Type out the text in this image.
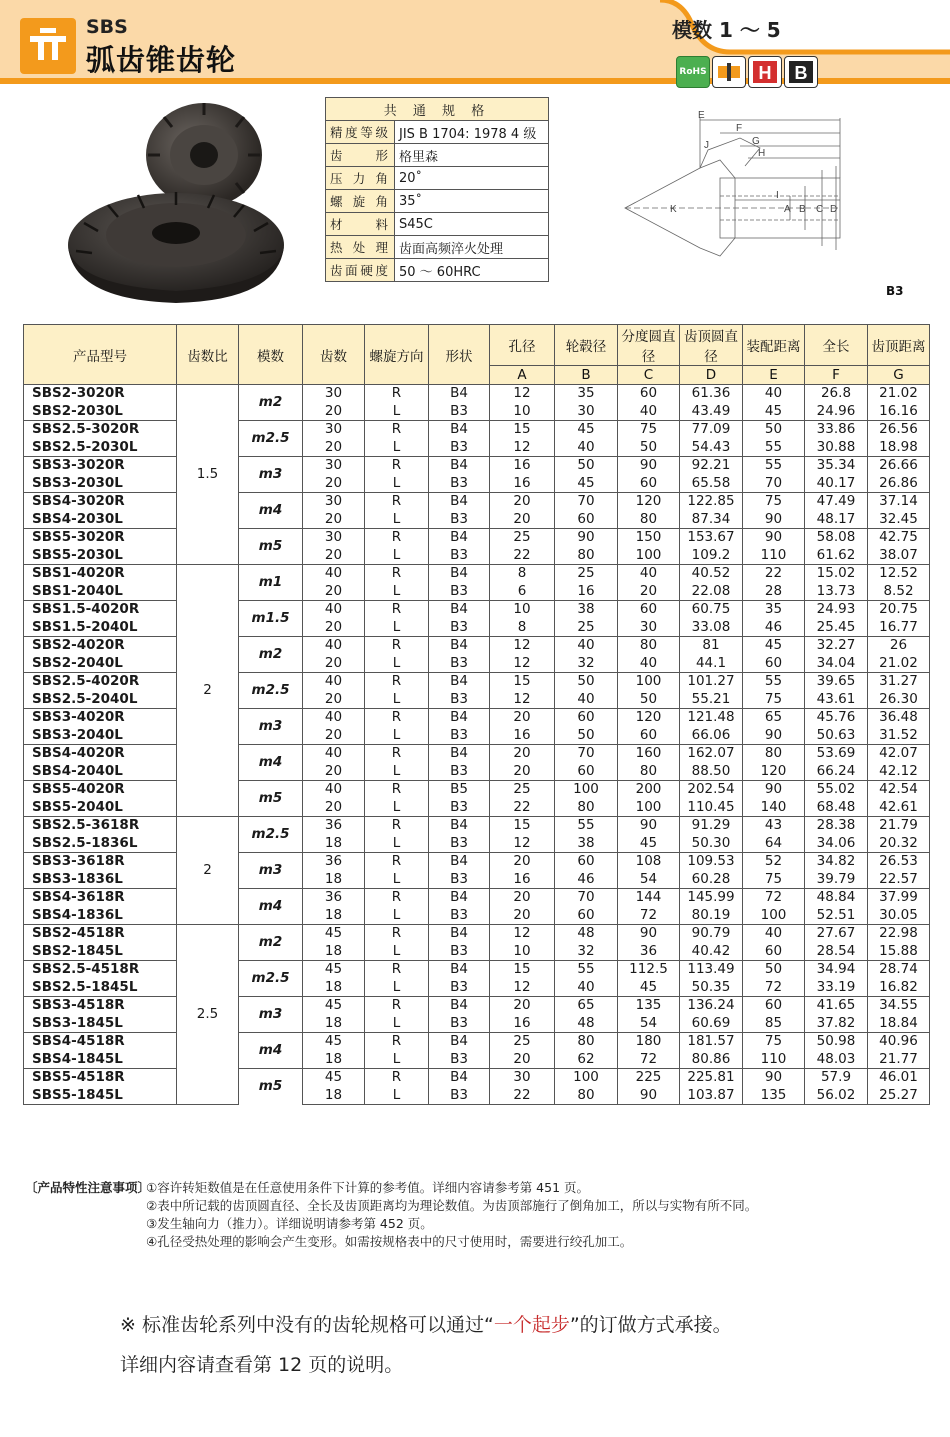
SBS
弧齿锥齿轮
模数 1 ～ 5
RoHS	H B
共 通 规 格	
精度等级	JIS B 1704: 1978 4 级
齿　形	格里森
压力角	20˚
螺旋角	35˚
材　料	S45C
热处理	齿面高频淬火处理
齿面硬度	50 ～ 60HRC
E
F
G
H
J
I
K	A B C D
B3
产品型号	齿数比	模数	齿数	螺旋方向	形状	孔径	轮毂径	分度圆直径	齿顶圆直径	装配距离	全长	齿顶距离
						A	B	C	D	E	F	G
SBS2-3020R	1.5	m2	30	R	B4	12	35	60	61.36	40	26.8	21.02
SBS2-2030L			20	L	B3	10	30	40	43.49	45	24.96	16.16
SBS2.5-3020R		m2.5	30	R	B4	15	45	75	77.09	50	33.86	26.56
SBS2.5-2030L			20	L	B3	12	40	50	54.43	55	30.88	18.98
SBS3-3020R		m3	30	R	B4	16	50	90	92.21	55	35.34	26.66
SBS3-2030L			20	L	B3	16	45	60	65.58	70	40.17	26.86
SBS4-3020R		m4	30	R	B4	20	70	120	122.85	75	47.49	37.14
SBS4-2030L			20	L	B3	20	60	80	87.34	90	48.17	32.45
SBS5-3020R		m5	30	R	B4	25	90	150	153.67	90	58.08	42.75
SBS5-2030L			20	L	B3	22	80	100	109.2	110	61.62	38.07
SBS1-4020R	2	m1	40	R	B4	8	25	40	40.52	22	15.02	12.52
SBS1-2040L			20	L	B3	6	16	20	22.08	28	13.73	8.52
SBS1.5-4020R		m1.5	40	R	B4	10	38	60	60.75	35	24.93	20.75
SBS1.5-2040L			20	L	B3	8	25	30	33.08	46	25.45	16.77
SBS2-4020R		m2	40	R	B4	12	40	80	81	45	32.27	26
SBS2-2040L			20	L	B3	12	32	40	44.1	60	34.04	21.02
SBS2.5-4020R		m2.5	40	R	B4	15	50	100	101.27	55	39.65	31.27
SBS2.5-2040L			20	L	B3	12	40	50	55.21	75	43.61	26.30
SBS3-4020R		m3	40	R	B4	20	60	120	121.48	65	45.76	36.48
SBS3-2040L			20	L	B3	16	50	60	66.06	90	50.63	31.52
SBS4-4020R		m4	40	R	B4	20	70	160	162.07	80	53.69	42.07
SBS4-2040L			20	L	B3	20	60	80	88.50	120	66.24	42.12
SBS5-4020R		m5	40	R	B5	25	100	200	202.54	90	55.02	42.54
SBS5-2040L			20	L	B3	22	80	100	110.45	140	68.48	42.61
SBS2.5-3618R	2	m2.5	36	R	B4	15	55	90	91.29	43	28.38	21.79
SBS2.5-1836L			18	L	B3	12	38	45	50.30	64	34.06	20.32
SBS3-3618R		m3	36	R	B4	20	60	108	109.53	52	34.82	26.53
SBS3-1836L			18	L	B3	16	46	54	60.28	75	39.79	22.57
SBS4-3618R		m4	36	R	B4	20	70	144	145.99	72	48.84	37.99
SBS4-1836L			18	L	B3	20	60	72	80.19	100	52.51	30.05
SBS2-4518R	2.5	m2	45	R	B4	12	48	90	90.79	40	27.67	22.98
SBS2-1845L			18	L	B3	10	32	36	40.42	60	28.54	15.88
SBS2.5-4518R		m2.5	45	R	B4	15	55	112.5	113.49	50	34.94	28.74
SBS2.5-1845L			18	L	B3	12	40	45	50.35	72	33.19	16.82
SBS3-4518R		m3	45	R	B4	20	65	135	136.24	60	41.65	34.55
SBS3-1845L			18	L	B3	16	48	54	60.69	85	37.82	18.84
SBS4-4518R		m4	45	R	B4	25	80	180	181.57	75	50.98	40.96
SBS4-1845L			18	L	B3	20	62	72	80.86	110	48.03	21.77
SBS5-4518R		m5	45	R	B4	30	100	225	225.81	90	57.9	46.01
SBS5-1845L			18	L	B3	22	80	90	103.87	135	56.02	25.27
〔产品特性注意事项〕
①容许转矩数值是在任意使用条件下计算的参考值。详细内容请参考第 451 页。
②表中所记载的齿顶圆直径、全长及齿顶距离均为理论数值。为齿顶部施行了倒角加工，所以与实物有所不同。
③发生轴向力（推力）。详细说明请参考第 452 页。
④孔径受热处理的影响会产生变形。如需按规格表中的尺寸使用时，需要进行绞孔加工。
※ 标准齿轮系列中没有的齿轮规格可以通过“一个起步”的订做方式承接。
详细内容请查看第 12 页的说明。
